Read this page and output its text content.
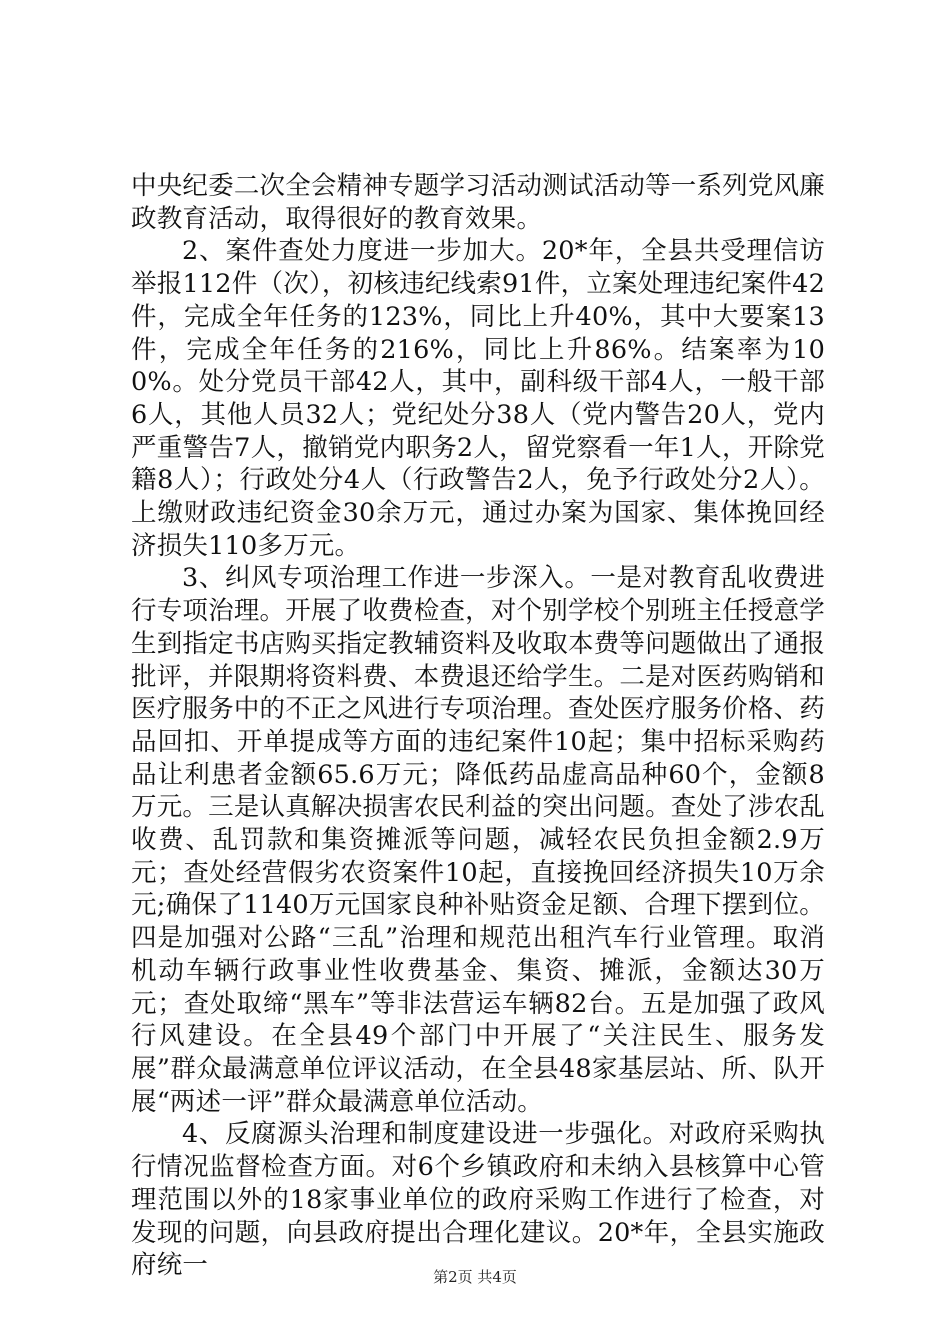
中央纪委二次全会精神专题学习活动测试活动等一系列党风廉政教育活动，取得很好的教育效果。

2、案件查处力度进一步加大。20*年，全县共受理信访举报112件（次），初核违纪线索91件，立案处理违纪案件42件，完成全年任务的123%，同比上升40%，其中大要案13件，完成全年任务的216%，同比上升86%。结案率为100%。处分党员干部42人，其中，副科级干部4人，一般干部6人，其他人员32人；党纪处分38人（党内警告20人，党内严重警告7人，撤销党内职务2人，留党察看一年1人，开除党籍8人）；行政处分4人（行政警告2人，免予行政处分2人）。上缴财政违纪资金30余万元，通过办案为国家、集体挽回经济损失110多万元。

3、纠风专项治理工作进一步深入。一是对教育乱收费进行专项治理。开展了收费检查，对个别学校个别班主任授意学生到指定书店购买指定教辅资料及收取本费等问题做出了通报批评，并限期将资料费、本费退还给学生。二是对医药购销和医疗服务中的不正之风进行专项治理。查处医疗服务价格、药品回扣、开单提成等方面的违纪案件10起；集中招标采购药品让利患者金额65.6万元；降低药品虚高品种60个，金额8万元。三是认真解决损害农民利益的突出问题。查处了涉农乱收费、乱罚款和集资摊派等问题，减轻农民负担金额2.9万元；查处经营假劣农资案件10起，直接挽回经济损失10万余元;确保了1140万元国家良种补贴资金足额、合理下摆到位。四是加强对公路“三乱”治理和规范出租汽车行业管理。取消机动车辆行政事业性收费基金、集资、摊派，金额达30万元；查处取缔“黑车”等非法营运车辆82台。五是加强了政风行风建设。在全县49个部门中开展了“关注民生、服务发展”群众最满意单位评议活动，在全县48家基层站、所、队开展“两述一评”群众最满意单位活动。

4、反腐源头治理和制度建设进一步强化。对政府采购执行情况监督检查方面。对6个乡镇政府和未纳入县核算中心管理范围以外的18家事业单位的政府采购工作进行了检查，对发现的问题，向县政府提出合理化建议。20*年，全县实施政府统一	第2页 共4页
